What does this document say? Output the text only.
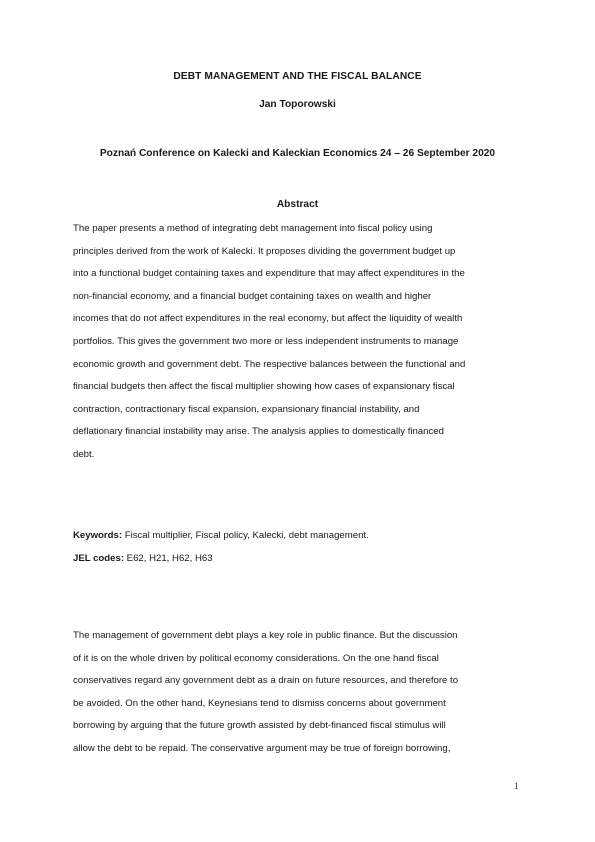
DEBT MANAGEMENT AND THE FISCAL BALANCE
Jan Toporowski
Poznań Conference on Kalecki and Kaleckian Economics 24 – 26 September 2020
Abstract
The paper presents a method of integrating debt management into fiscal policy using
principles derived from the work of Kalecki. It proposes dividing the government budget up
into a functional budget containing taxes and expenditure that may affect expenditures in the
non-financial economy, and a financial budget containing taxes on wealth and higher
incomes that do not affect expenditures in the real economy, but affect the liquidity of wealth
portfolios. This gives the government two more or less independent instruments to manage
economic growth and government debt. The respective balances between the functional and
financial budgets then affect the fiscal multiplier showing how cases of expansionary fiscal
contraction, contractionary fiscal expansion, expansionary financial instability, and
deflationary financial instability may arise. The analysis applies to domestically financed
debt.
Keywords: Fiscal multiplier, Fiscal policy, Kalecki, debt management.
JEL codes: E62, H21, H62, H63
The management of government debt plays a key role in public finance. But the discussion
of it is on the whole driven by political economy considerations. On the one hand fiscal
conservatives regard any government debt as a drain on future resources, and therefore to
be avoided. On the other hand, Keynesians tend to dismiss concerns about government
borrowing by arguing that the future growth assisted by debt-financed fiscal stimulus will
allow the debt to be repaid. The conservative argument may be true of foreign borrowing,
1
